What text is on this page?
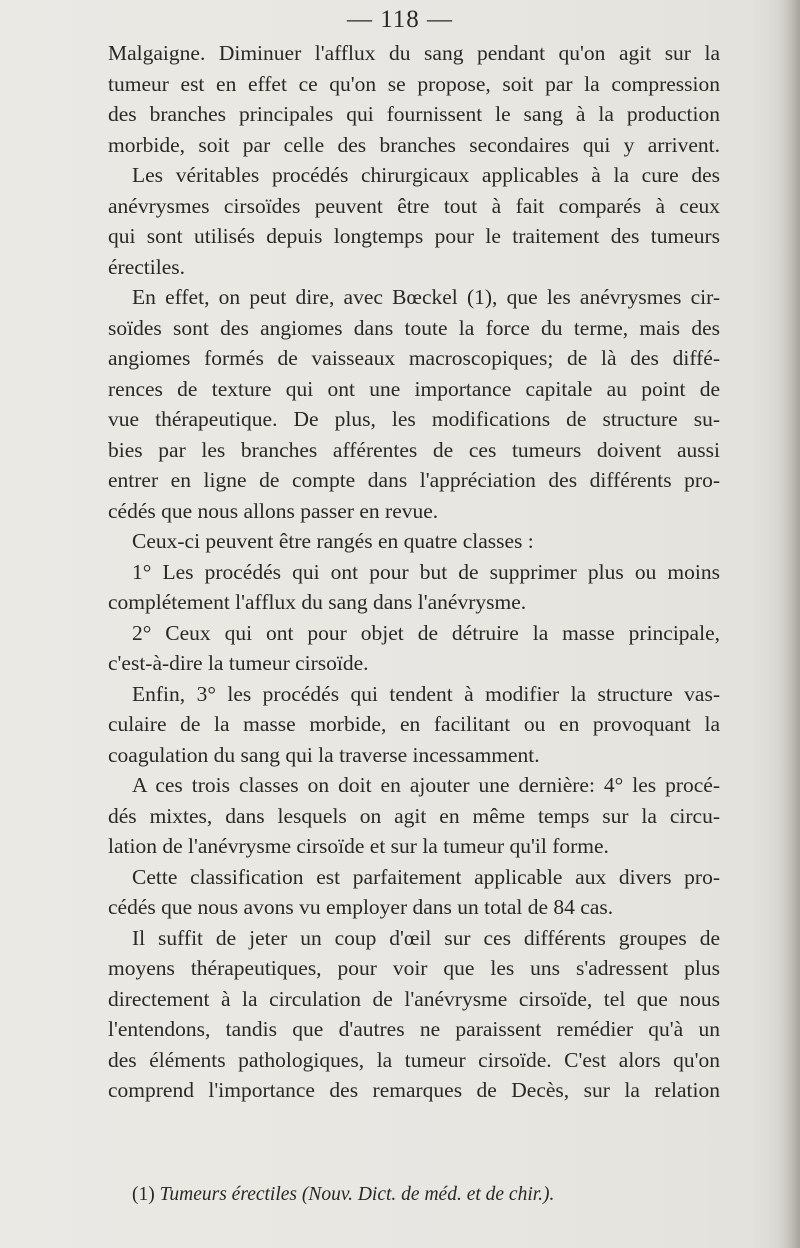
— 118 —
Malgaigne. Diminuer l'afflux du sang pendant qu'on agit sur la
tumeur est en effet ce qu'on se propose, soit par la compression
des branches principales qui fournissent le sang à la production
morbide, soit par celle des branches secondaires qui y arrivent.
Les véritables procédés chirurgicaux applicables à la cure des
anévrysmes cirsoïdes peuvent être tout à fait comparés à ceux
qui sont utilisés depuis longtemps pour le traitement des tumeurs
érectiles.
En effet, on peut dire, avec Bœckel (1), que les anévrysmes cir-
soïdes sont des angiomes dans toute la force du terme, mais des
angiomes formés de vaisseaux macroscopiques; de là des diffé-
rences de texture qui ont une importance capitale au point de
vue thérapeutique. De plus, les modifications de structure su-
bies par les branches afférentes de ces tumeurs doivent aussi
entrer en ligne de compte dans l'appréciation des différents pro-
cédés que nous allons passer en revue.
Ceux-ci peuvent être rangés en quatre classes :
1° Les procédés qui ont pour but de supprimer plus ou moins
complétement l'afflux du sang dans l'anévrysme.
2° Ceux qui ont pour objet de détruire la masse principale,
c'est-à-dire la tumeur cirsoïde.
Enfin, 3° les procédés qui tendent à modifier la structure vas-
culaire de la masse morbide, en facilitant ou en provoquant la
coagulation du sang qui la traverse incessamment.
A ces trois classes on doit en ajouter une dernière: 4° les procé-
dés mixtes, dans lesquels on agit en même temps sur la circu-
lation de l'anévrysme cirsoïde et sur la tumeur qu'il forme.
Cette classification est parfaitement applicable aux divers pro-
cédés que nous avons vu employer dans un total de 84 cas.
Il suffit de jeter un coup d'œil sur ces différents groupes de
moyens thérapeutiques, pour voir que les uns s'adressent plus
directement à la circulation de l'anévrysme cirsoïde, tel que nous
l'entendons, tandis que d'autres ne paraissent remédier qu'à un
des éléments pathologiques, la tumeur cirsoïde. C'est alors qu'on
comprend l'importance des remarques de Decès, sur la relation
(1) Tumeurs érectiles (Nouv. Dict. de méd. et de chir.).
